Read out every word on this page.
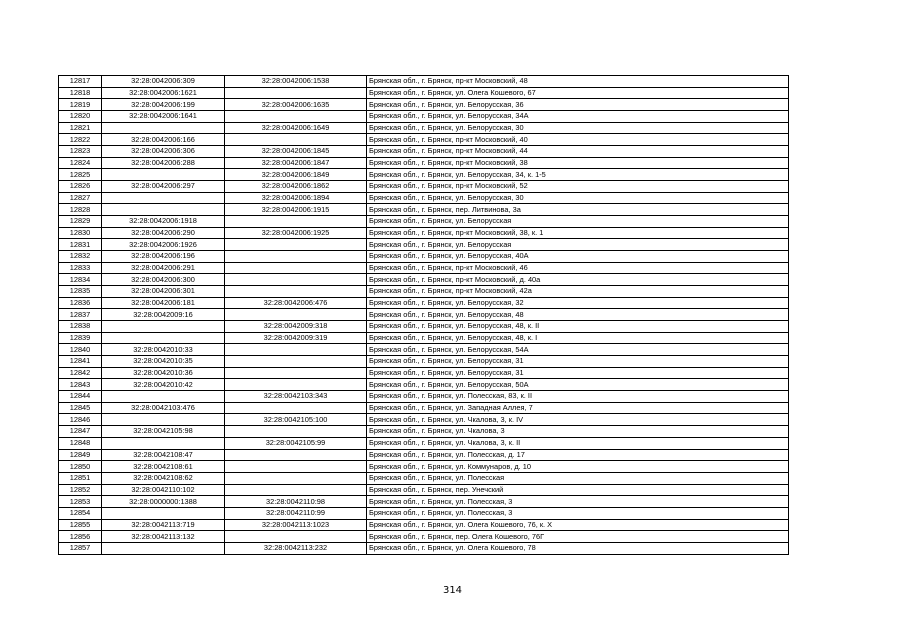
12817	32:28:0042006:309	32:28:0042006:1538	Брянская обл., г. Брянск, пр-кт Московский, 48
12818	32:28:0042006:1621		Брянская обл., г. Брянск, ул. Олега Кошевого, 67
12819	32:28:0042006:199	32:28:0042006:1635	Брянская обл., г. Брянск, ул. Белорусская, 36
12820	32:28:0042006:1641		Брянская обл., г. Брянск, ул. Белорусская, 34А
12821		32:28:0042006:1649	Брянская обл., г. Брянск, ул. Белорусская, 30
12822	32:28:0042006:166		Брянская обл., г. Брянск, пр-кт Московский, 40
12823	32:28:0042006:306	32:28:0042006:1845	Брянская обл., г. Брянск, пр-кт Московский, 44
12824	32:28:0042006:288	32:28:0042006:1847	Брянская обл., г. Брянск, пр-кт Московский, 38
12825		32:28:0042006:1849	Брянская обл., г. Брянск, ул. Белорусская, 34, к. 1-5
12826	32:28:0042006:297	32:28:0042006:1862	Брянская обл., г. Брянск, пр-кт Московский, 52
12827		32:28:0042006:1894	Брянская обл., г. Брянск, ул. Белорусская, 30
12828		32:28:0042006:1915	Брянская обл., г. Брянск, пер. Литвинова, 3а
12829	32:28:0042006:1918		Брянская обл., г. Брянск, ул. Белорусская
12830	32:28:0042006:290	32:28:0042006:1925	Брянская обл., г. Брянск, пр-кт Московский, 38, к. 1
12831	32:28:0042006:1926		Брянская обл., г. Брянск, ул. Белорусская
12832	32:28:0042006:196		Брянская обл., г. Брянск, ул. Белорусская, 40А
12833	32:28:0042006:291		Брянская обл., г. Брянск, пр-кт Московский, 46
12834	32:28:0042006:300		Брянская обл., г. Брянск, пр-кт Московский, д. 40а
12835	32:28:0042006:301		Брянская обл., г. Брянск, пр-кт Московский, 42а
12836	32:28:0042006:181	32:28:0042006:476	Брянская обл., г. Брянск, ул. Белорусская, 32
12837	32:28:0042009:16		Брянская обл., г. Брянск, ул. Белорусская, 48
12838		32:28:0042009:318	Брянская обл., г. Брянск, ул. Белорусская, 48, к. II
12839		32:28:0042009:319	Брянская обл., г. Брянск, ул. Белорусская, 48, к. I
12840	32:28:0042010:33		Брянская обл., г. Брянск, ул. Белорусская, 54А
12841	32:28:0042010:35		Брянская обл., г. Брянск, ул. Белорусская, 31
12842	32:28:0042010:36		Брянская обл., г. Брянск, ул. Белорусская, 31
12843	32:28:0042010:42		Брянская обл., г. Брянск, ул. Белорусская, 50А
12844		32:28:0042103:343	Брянская обл., г. Брянск, ул. Полесская, 83, к. II
12845	32:28:0042103:476		Брянская обл., г. Брянск, ул. Западная Аллея, 7
12846		32:28:0042105:100	Брянская обл., г. Брянск, ул. Чкалова, 3, к. IV
12847	32:28:0042105:98		Брянская обл., г. Брянск, ул. Чкалова, 3
12848		32:28:0042105:99	Брянская обл., г. Брянск, ул. Чкалова, 3, к. II
12849	32:28:0042108:47		Брянская обл., г. Брянск, ул. Полесская, д. 17
12850	32:28:0042108:61		Брянская обл., г. Брянск, ул. Коммунаров, д. 10
12851	32:28:0042108:62		Брянская обл., г. Брянск, ул. Полесская
12852	32:28:0042110:102		Брянская обл., г. Брянск, пер. Унечский
12853	32:28:0000000:1388	32:28:0042110:98	Брянская обл., г. Брянск, ул. Полесская, 3
12854		32:28:0042110:99	Брянская обл., г. Брянск, ул. Полесская, 3
12855	32:28:0042113:719	32:28:0042113:1023	Брянская обл., г. Брянск, ул. Олега Кошевого, 76, к. X
12856	32:28:0042113:132		Брянская обл., г. Брянск, пер. Олега Кошевого, 76Г
12857		32:28:0042113:232	Брянская обл., г. Брянск, ул. Олега Кошевого, 78
314
